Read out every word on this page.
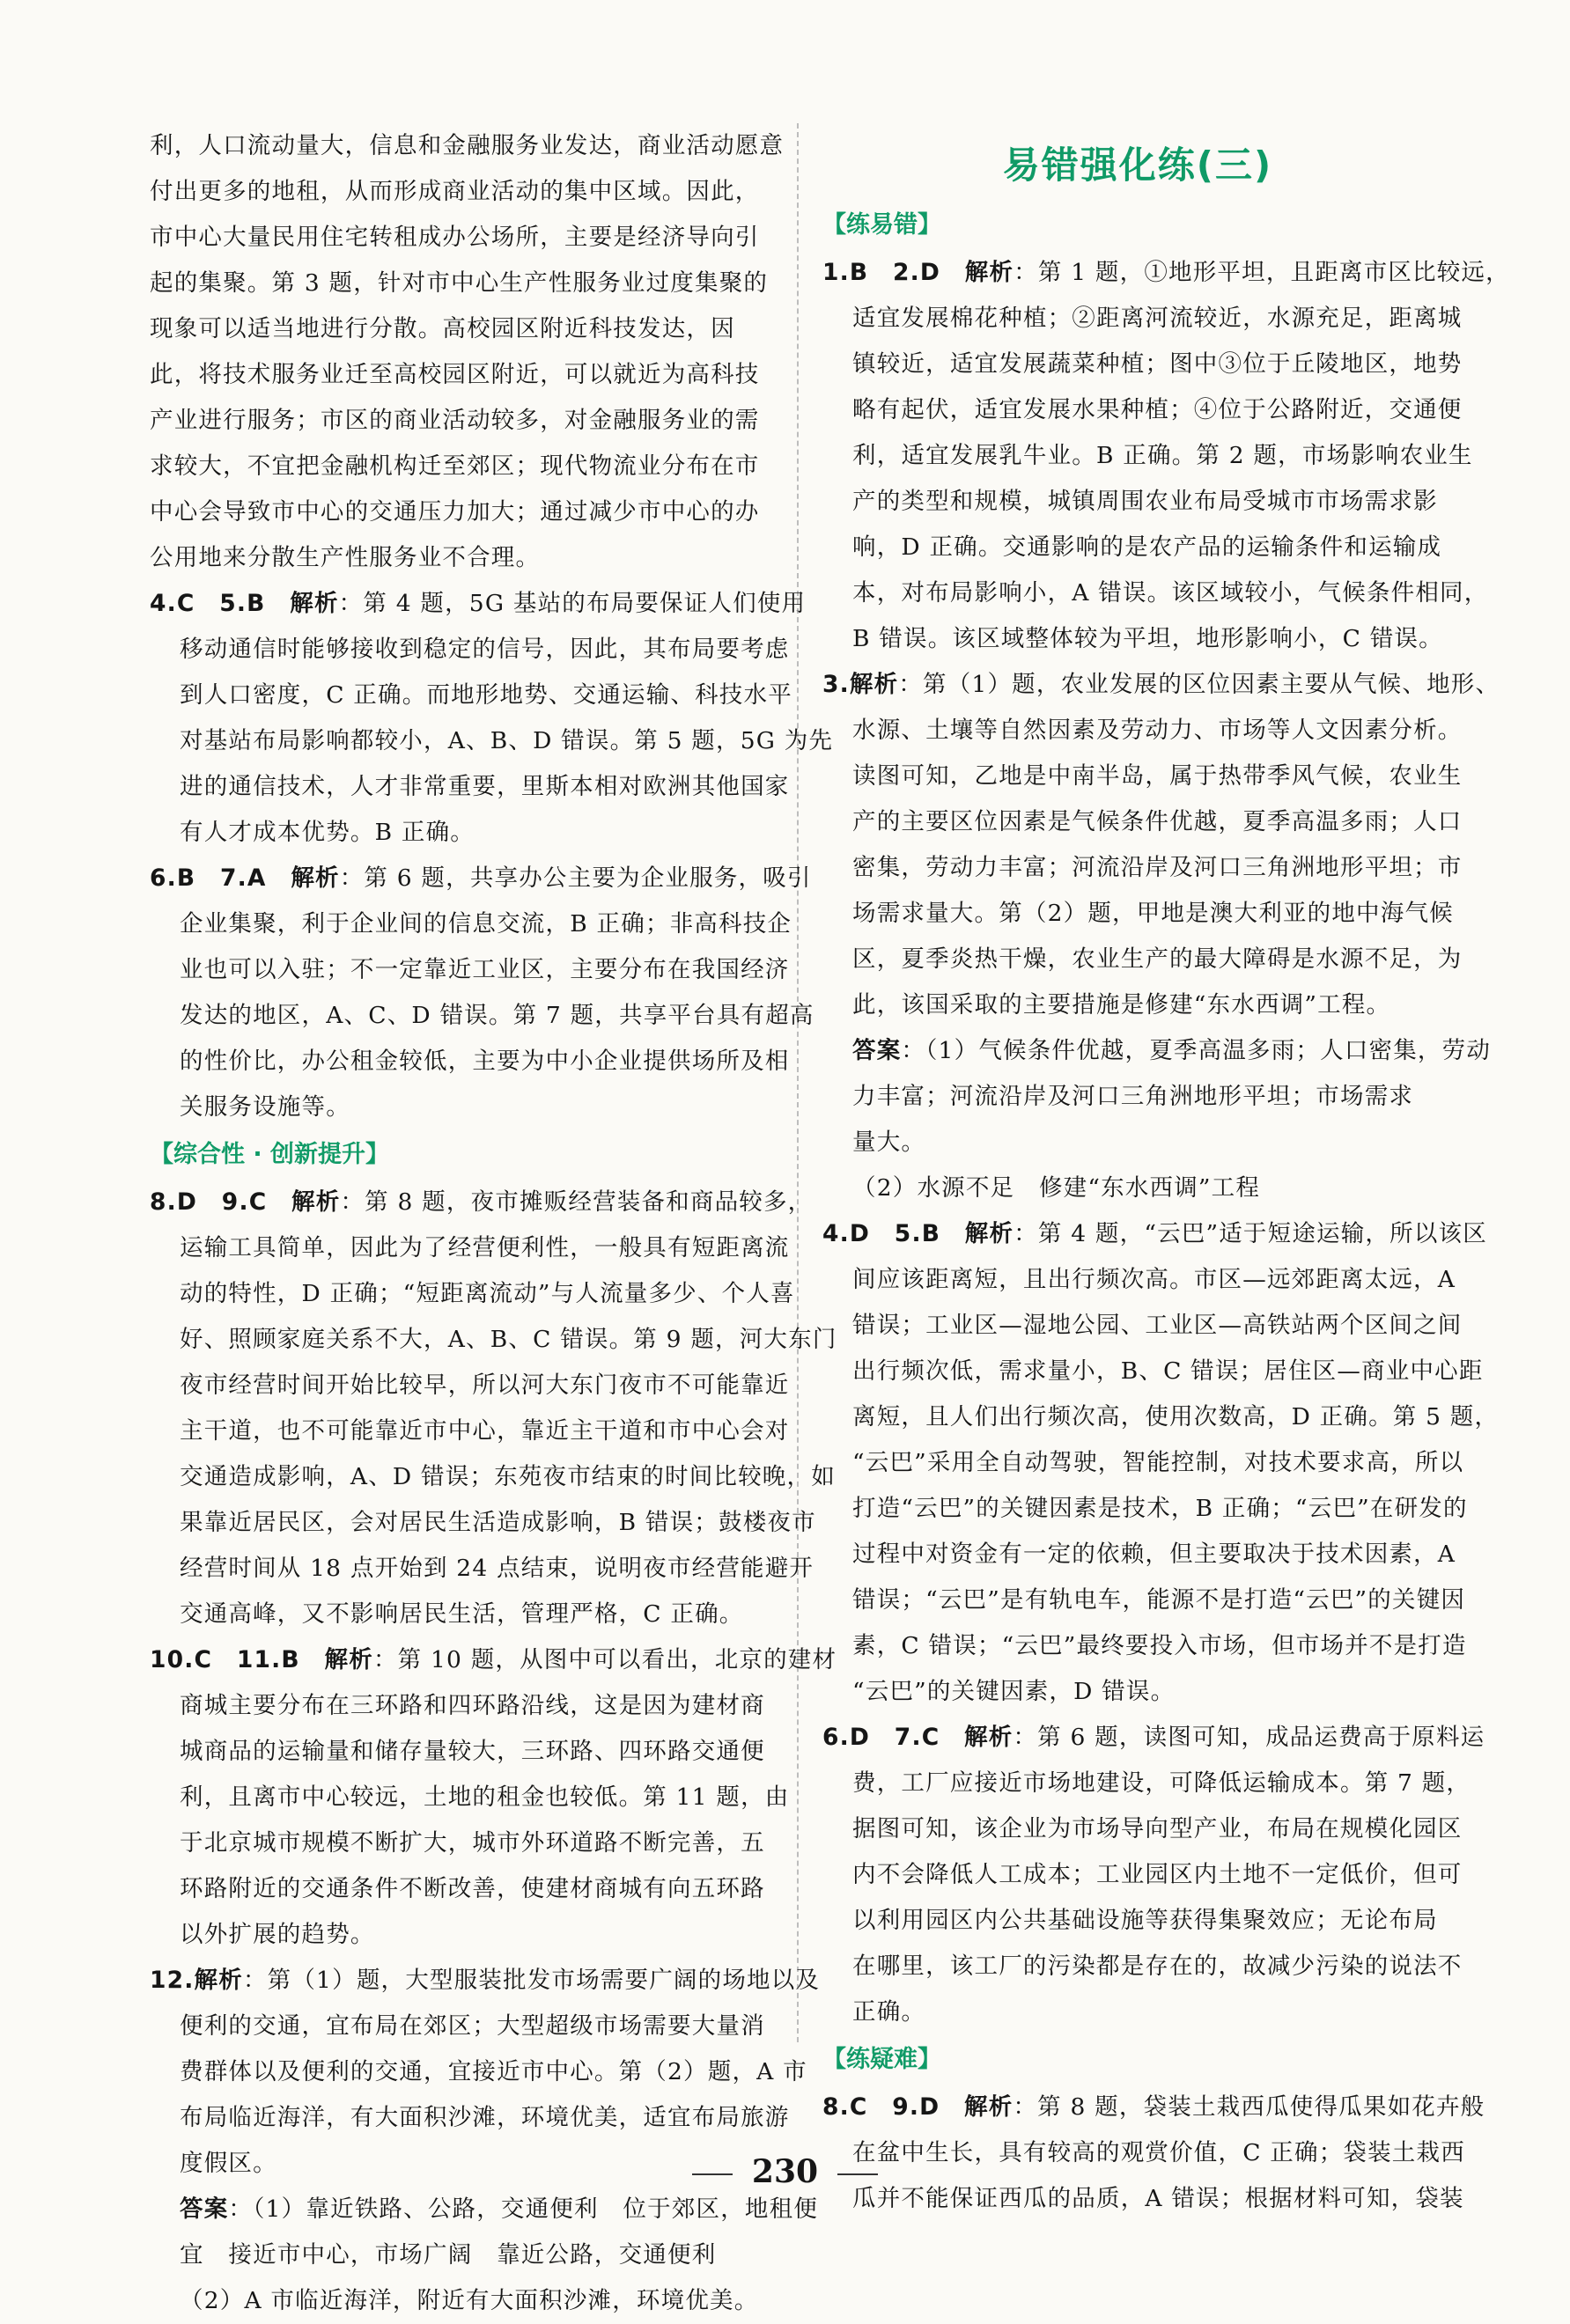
利，人口流动量大，信息和金融服务业发达，商业活动愿意

付出更多的地租，从而形成商业活动的集中区域。因此，

市中心大量民用住宅转租成办公场所，主要是经济导向引

起的集聚。第 3 题，针对市中心生产性服务业过度集聚的

现象可以适当地进行分散。高校园区附近科技发达，因

此，将技术服务业迁至高校园区附近，可以就近为高科技

产业进行服务；市区的商业活动较多，对金融服务业的需

求较大，不宜把金融机构迁至郊区；现代物流业分布在市

中心会导致市中心的交通压力加大；通过减少市中心的办

公用地来分散生产性服务业不合理。

4.C　5.B　解析：第 4 题，5G 基站的布局要保证人们使用

移动通信时能够接收到稳定的信号，因此，其布局要考虑

到人口密度，C 正确。而地形地势、交通运输、科技水平

对基站布局影响都较小，A、B、D 错误。第 5 题，5G 为先

进的通信技术，人才非常重要，里斯本相对欧洲其他国家

有人才成本优势。B 正确。

6.B　7.A　解析：第 6 题，共享办公主要为企业服务，吸引

企业集聚，利于企业间的信息交流，B 正确；非高科技企

业也可以入驻；不一定靠近工业区，主要分布在我国经济

发达的地区，A、C、D 错误。第 7 题，共享平台具有超高

的性价比，办公租金较低，主要为中小企业提供场所及相

关服务设施等。

【综合性 · 创新提升】

8.D　9.C　解析：第 8 题，夜市摊贩经营装备和商品较多，

运输工具简单，因此为了经营便利性，一般具有短距离流

动的特性，D 正确；“短距离流动”与人流量多少、个人喜

好、照顾家庭关系不大，A、B、C 错误。第 9 题，河大东门

夜市经营时间开始比较早，所以河大东门夜市不可能靠近

主干道，也不可能靠近市中心，靠近主干道和市中心会对

交通造成影响，A、D 错误；东苑夜市结束的时间比较晚，如

果靠近居民区，会对居民生活造成影响，B 错误；鼓楼夜市

经营时间从 18 点开始到 24 点结束，说明夜市经营能避开

交通高峰，又不影响居民生活，管理严格，C 正确。

10.C　11.B　解析：第 10 题，从图中可以看出，北京的建材

商城主要分布在三环路和四环路沿线，这是因为建材商

城商品的运输量和储存量较大，三环路、四环路交通便

利，且离市中心较远，土地的租金也较低。第 11 题，由

于北京城市规模不断扩大，城市外环道路不断完善，五

环路附近的交通条件不断改善，使建材商城有向五环路

以外扩展的趋势。

12.解析：第（1）题，大型服装批发市场需要广阔的场地以及

便利的交通，宜布局在郊区；大型超级市场需要大量消

费群体以及便利的交通，宜接近市中心。第（2）题，A 市

布局临近海洋，有大面积沙滩，环境优美，适宜布局旅游

度假区。

答案：（1）靠近铁路、公路，交通便利　位于郊区，地租便

宜　接近市中心，市场广阔　靠近公路，交通便利

（2）A 市临近海洋，附近有大面积沙滩，环境优美。

易错强化练(三)

【练易错】

1.B　2.D　解析：第 1 题，①地形平坦，且距离市区比较远，

适宜发展棉花种植；②距离河流较近，水源充足，距离城

镇较近，适宜发展蔬菜种植；图中③位于丘陵地区，地势

略有起伏，适宜发展水果种植；④位于公路附近，交通便

利，适宜发展乳牛业。B 正确。第 2 题，市场影响农业生

产的类型和规模，城镇周围农业布局受城市市场需求影

响，D 正确。交通影响的是农产品的运输条件和运输成

本，对布局影响小，A 错误。该区域较小，气候条件相同，

B 错误。该区域整体较为平坦，地形影响小，C 错误。

3.解析：第（1）题，农业发展的区位因素主要从气候、地形、

水源、土壤等自然因素及劳动力、市场等人文因素分析。

读图可知，乙地是中南半岛，属于热带季风气候，农业生

产的主要区位因素是气候条件优越，夏季高温多雨；人口

密集，劳动力丰富；河流沿岸及河口三角洲地形平坦；市

场需求量大。第（2）题，甲地是澳大利亚的地中海气候

区，夏季炎热干燥，农业生产的最大障碍是水源不足，为

此，该国采取的主要措施是修建“东水西调”工程。

答案：（1）气候条件优越，夏季高温多雨；人口密集，劳动

力丰富；河流沿岸及河口三角洲地形平坦；市场需求

量大。

（2）水源不足　修建“东水西调”工程

4.D　5.B　解析：第 4 题，“云巴”适于短途运输，所以该区

间应该距离短，且出行频次高。市区—远郊距离太远，A

错误；工业区—湿地公园、工业区—高铁站两个区间之间

出行频次低，需求量小，B、C 错误；居住区—商业中心距

离短，且人们出行频次高，使用次数高，D 正确。第 5 题，

“云巴”采用全自动驾驶，智能控制，对技术要求高，所以

打造“云巴”的关键因素是技术，B 正确；“云巴”在研发的

过程中对资金有一定的依赖，但主要取决于技术因素，A

错误；“云巴”是有轨电车，能源不是打造“云巴”的关键因

素，C 错误；“云巴”最终要投入市场，但市场并不是打造

“云巴”的关键因素，D 错误。

6.D　7.C　解析：第 6 题，读图可知，成品运费高于原料运

费，工厂应接近市场地建设，可降低运输成本。第 7 题，

据图可知，该企业为市场导向型产业，布局在规模化园区

内不会降低人工成本；工业园区内土地不一定低价，但可

以利用园区内公共基础设施等获得集聚效应；无论布局

在哪里，该工厂的污染都是存在的，故减少污染的说法不

正确。

【练疑难】

8.C　9.D　解析：第 8 题，袋装土栽西瓜使得瓜果如花卉般

在盆中生长，具有较高的观赏价值，C 正确；袋装土栽西

瓜并不能保证西瓜的品质，A 错误；根据材料可知，袋装

230
